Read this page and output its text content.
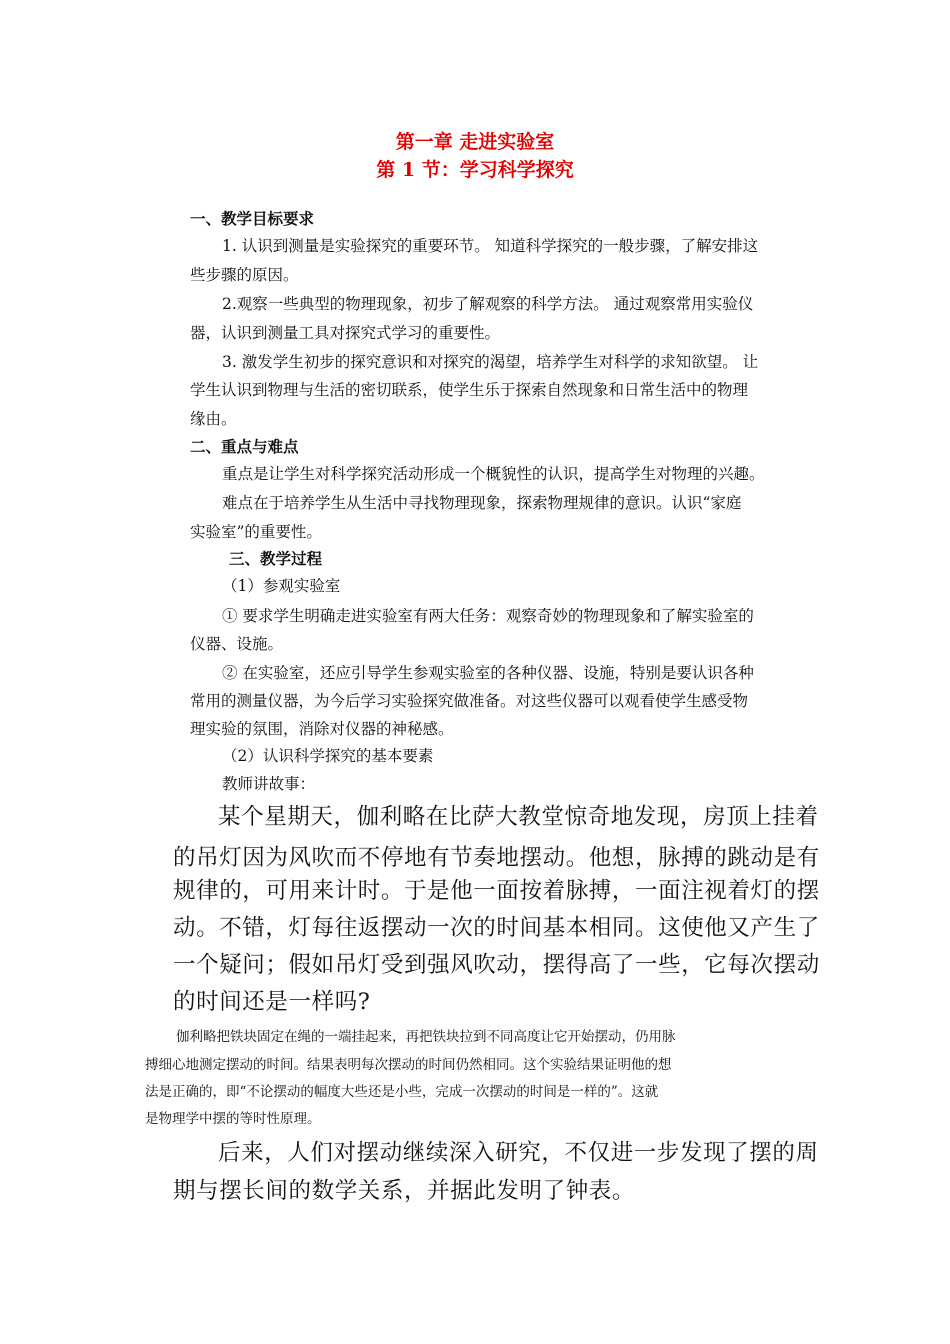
第一章 走进实验室
第 1 节：学习科学探究
一、教学目标要求
1. 认识到测量是实验探究的重要环节。 知道科学探究的一般步骤，了解安排这
些步骤的原因。
2.观察一些典型的物理现象，初步了解观察的科学方法。 通过观察常用实验仪
器，认识到测量工具对探究式学习的重要性。
3. 激发学生初步的探究意识和对探究的渴望，培养学生对科学的求知欲望。 让
学生认识到物理与生活的密切联系，使学生乐于探索自然现象和日常生活中的物理
缘由。
二、重点与难点
重点是让学生对科学探究活动形成一个概貌性的认识，提高学生对物理的兴趣。
难点在于培养学生从生活中寻找物理现象，探索物理规律的意识。认识“家庭
实验室”的重要性。
三、教学过程
（1）参观实验室
① 要求学生明确走进实验室有两大任务：观察奇妙的物理现象和了解实验室的
仪器、设施。
② 在实验室，还应引导学生参观实验室的各种仪器、设施，特别是要认识各种
常用的测量仪器，为今后学习实验探究做准备。对这些仪器可以观看使学生感受物
理实验的氛围，消除对仪器的神秘感。
（2）认识科学探究的基本要素
教师讲故事：
某个星期天，伽利略在比萨大教堂惊奇地发现，房顶上挂着
的吊灯因为风吹而不停地有节奏地摆动。他想，脉搏的跳动是有
规律的，可用来计时。于是他一面按着脉搏，一面注视着灯的摆
动。不错，灯每往返摆动一次的时间基本相同。这使他又产生了
一个疑问；假如吊灯受到强风吹动，摆得高了一些，它每次摆动
的时间还是一样吗?
伽利略把铁块固定在绳的一端挂起来，再把铁块拉到不同高度让它开始摆动，仍用脉
搏细心地测定摆动的时间。结果表明每次摆动的时间仍然相同。这个实验结果证明他的想
法是正确的，即“不论摆动的幅度大些还是小些，完成一次摆动的时间是一样的”。这就
是物理学中摆的等时性原理。
后来，人们对摆动继续深入研究，不仅进一步发现了摆的周
期与摆长间的数学关系，并据此发明了钟表。
